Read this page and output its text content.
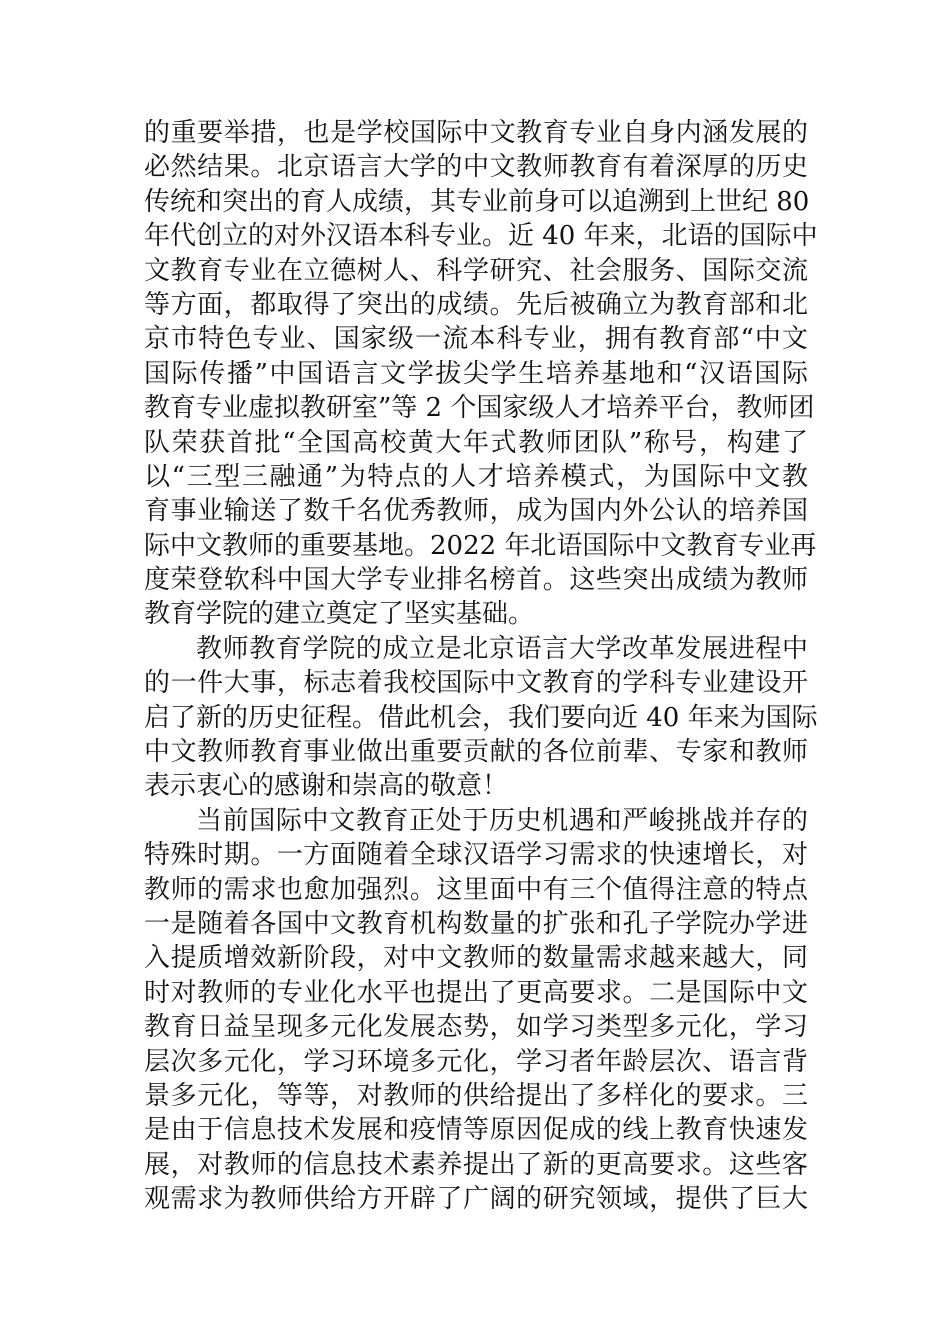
的重要举措，也是学校国际中文教育专业自身内涵发展的
必然结果。北京语言大学的中文教师教育有着深厚的历史
传统和突出的育人成绩，其专业前身可以追溯到上世纪 80
年代创立的对外汉语本科专业。近 40 年来，北语的国际中
文教育专业在立德树人、科学研究、社会服务、国际交流
等方面，都取得了突出的成绩。先后被确立为教育部和北
京市特色专业、国家级一流本科专业，拥有教育部“中文
国际传播”中国语言文学拔尖学生培养基地和“汉语国际
教育专业虚拟教研室”等 2 个国家级人才培养平台，教师团
队荣获首批“全国高校黄大年式教师团队”称号，构建了
以“三型三融通”为特点的人才培养模式，为国际中文教
育事业输送了数千名优秀教师，成为国内外公认的培养国
际中文教师的重要基地。2022 年北语国际中文教育专业再
度荣登软科中国大学专业排名榜首。这些突出成绩为教师
教育学院的建立奠定了坚实基础。
教师教育学院的成立是北京语言大学改革发展进程中
的一件大事，标志着我校国际中文教育的学科专业建设开
启了新的历史征程。借此机会，我们要向近 40 年来为国际
中文教师教育事业做出重要贡献的各位前辈、专家和教师
表示衷心的感谢和崇高的敬意！
当前国际中文教育正处于历史机遇和严峻挑战并存的
特殊时期。一方面随着全球汉语学习需求的快速增长，对
教师的需求也愈加强烈。这里面中有三个值得注意的特点
一是随着各国中文教育机构数量的扩张和孔子学院办学进
入提质增效新阶段，对中文教师的数量需求越来越大，同
时对教师的专业化水平也提出了更高要求。二是国际中文
教育日益呈现多元化发展态势，如学习类型多元化，学习
层次多元化，学习环境多元化，学习者年龄层次、语言背
景多元化，等等，对教师的供给提出了多样化的要求。三
是由于信息技术发展和疫情等原因促成的线上教育快速发
展，对教师的信息技术素养提出了新的更高要求。这些客
观需求为教师供给方开辟了广阔的研究领域，提供了巨大
